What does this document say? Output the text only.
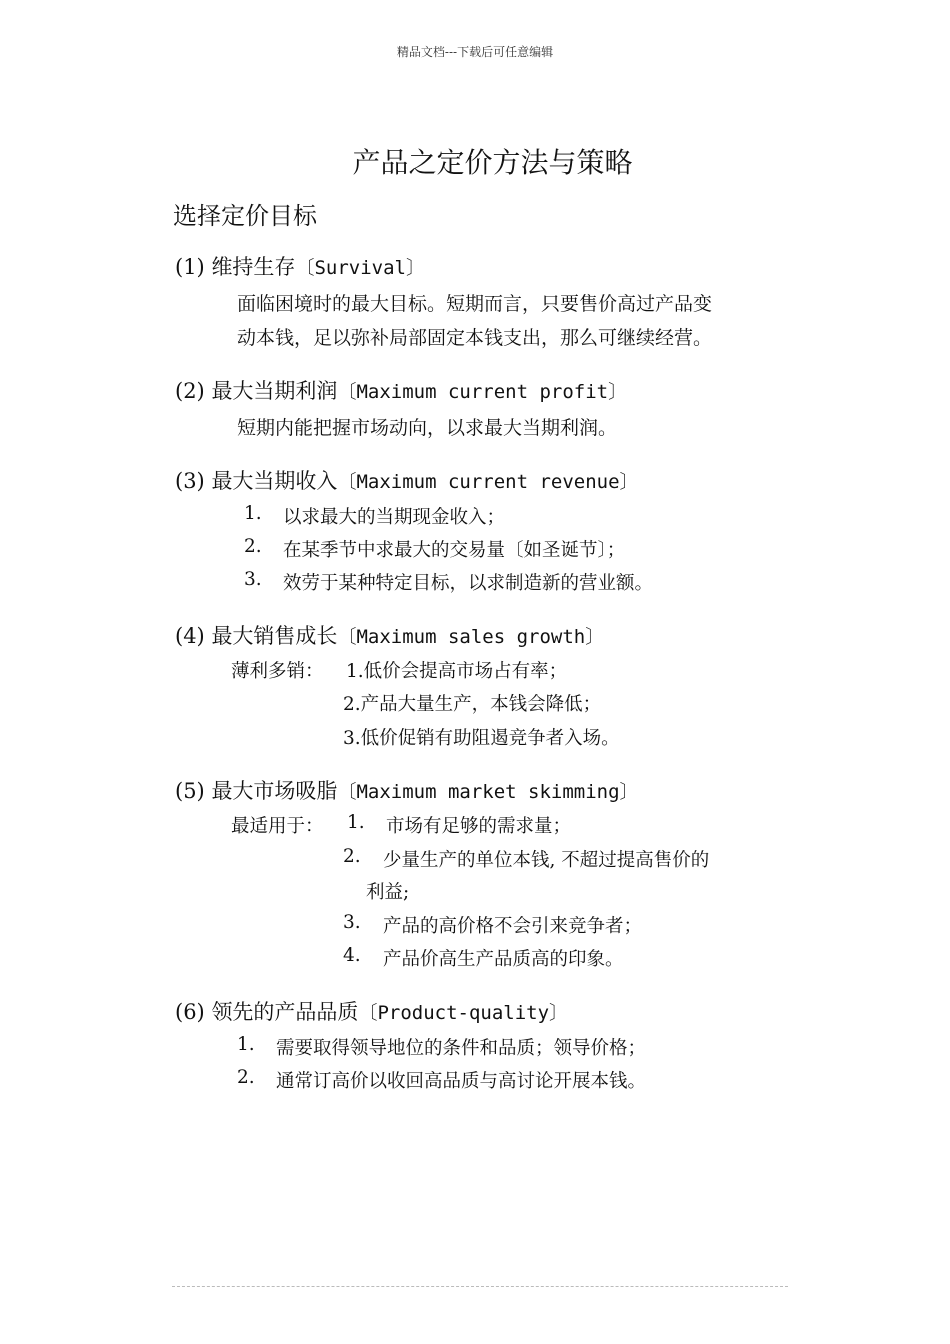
精品文档---下载后可任意编辑
产品之定价方法与策略
选择定价目标
(1) 维持生存〔Survival〕
面临困境时的最大目标。短期而言，只要售价高过产品变
动本钱，足以弥补局部固定本钱支出，那么可继续经营。
(2) 最大当期利润〔Maximum current profit〕
短期内能把握市场动向，以求最大当期利润。
(3) 最大当期收入〔Maximum current revenue〕
1. 以求最大的当期现金收入；
2. 在某季节中求最大的交易量〔如圣诞节〕；
3. 效劳于某种特定目标，以求制造新的营业额。
(4) 最大销售成长〔Maximum sales growth〕
薄利多销： 1.低价会提高市场占有率；
2.产品大量生产，本钱会降低；
3.低价促销有助阻遏竞争者入场。
(5) 最大市场吸脂〔Maximum market skimming〕
最适用于： 1. 市场有足够的需求量；
2. 少量生产的单位本钱, 不超过提高售价的
利益;
3. 产品的高价格不会引来竞争者；
4. 产品价高生产品质高的印象。
(6) 领先的产品品质〔Product-quality〕
1. 需要取得领导地位的条件和品质；领导价格；
2. 通常订高价以收回高品质与高讨论开展本钱。
